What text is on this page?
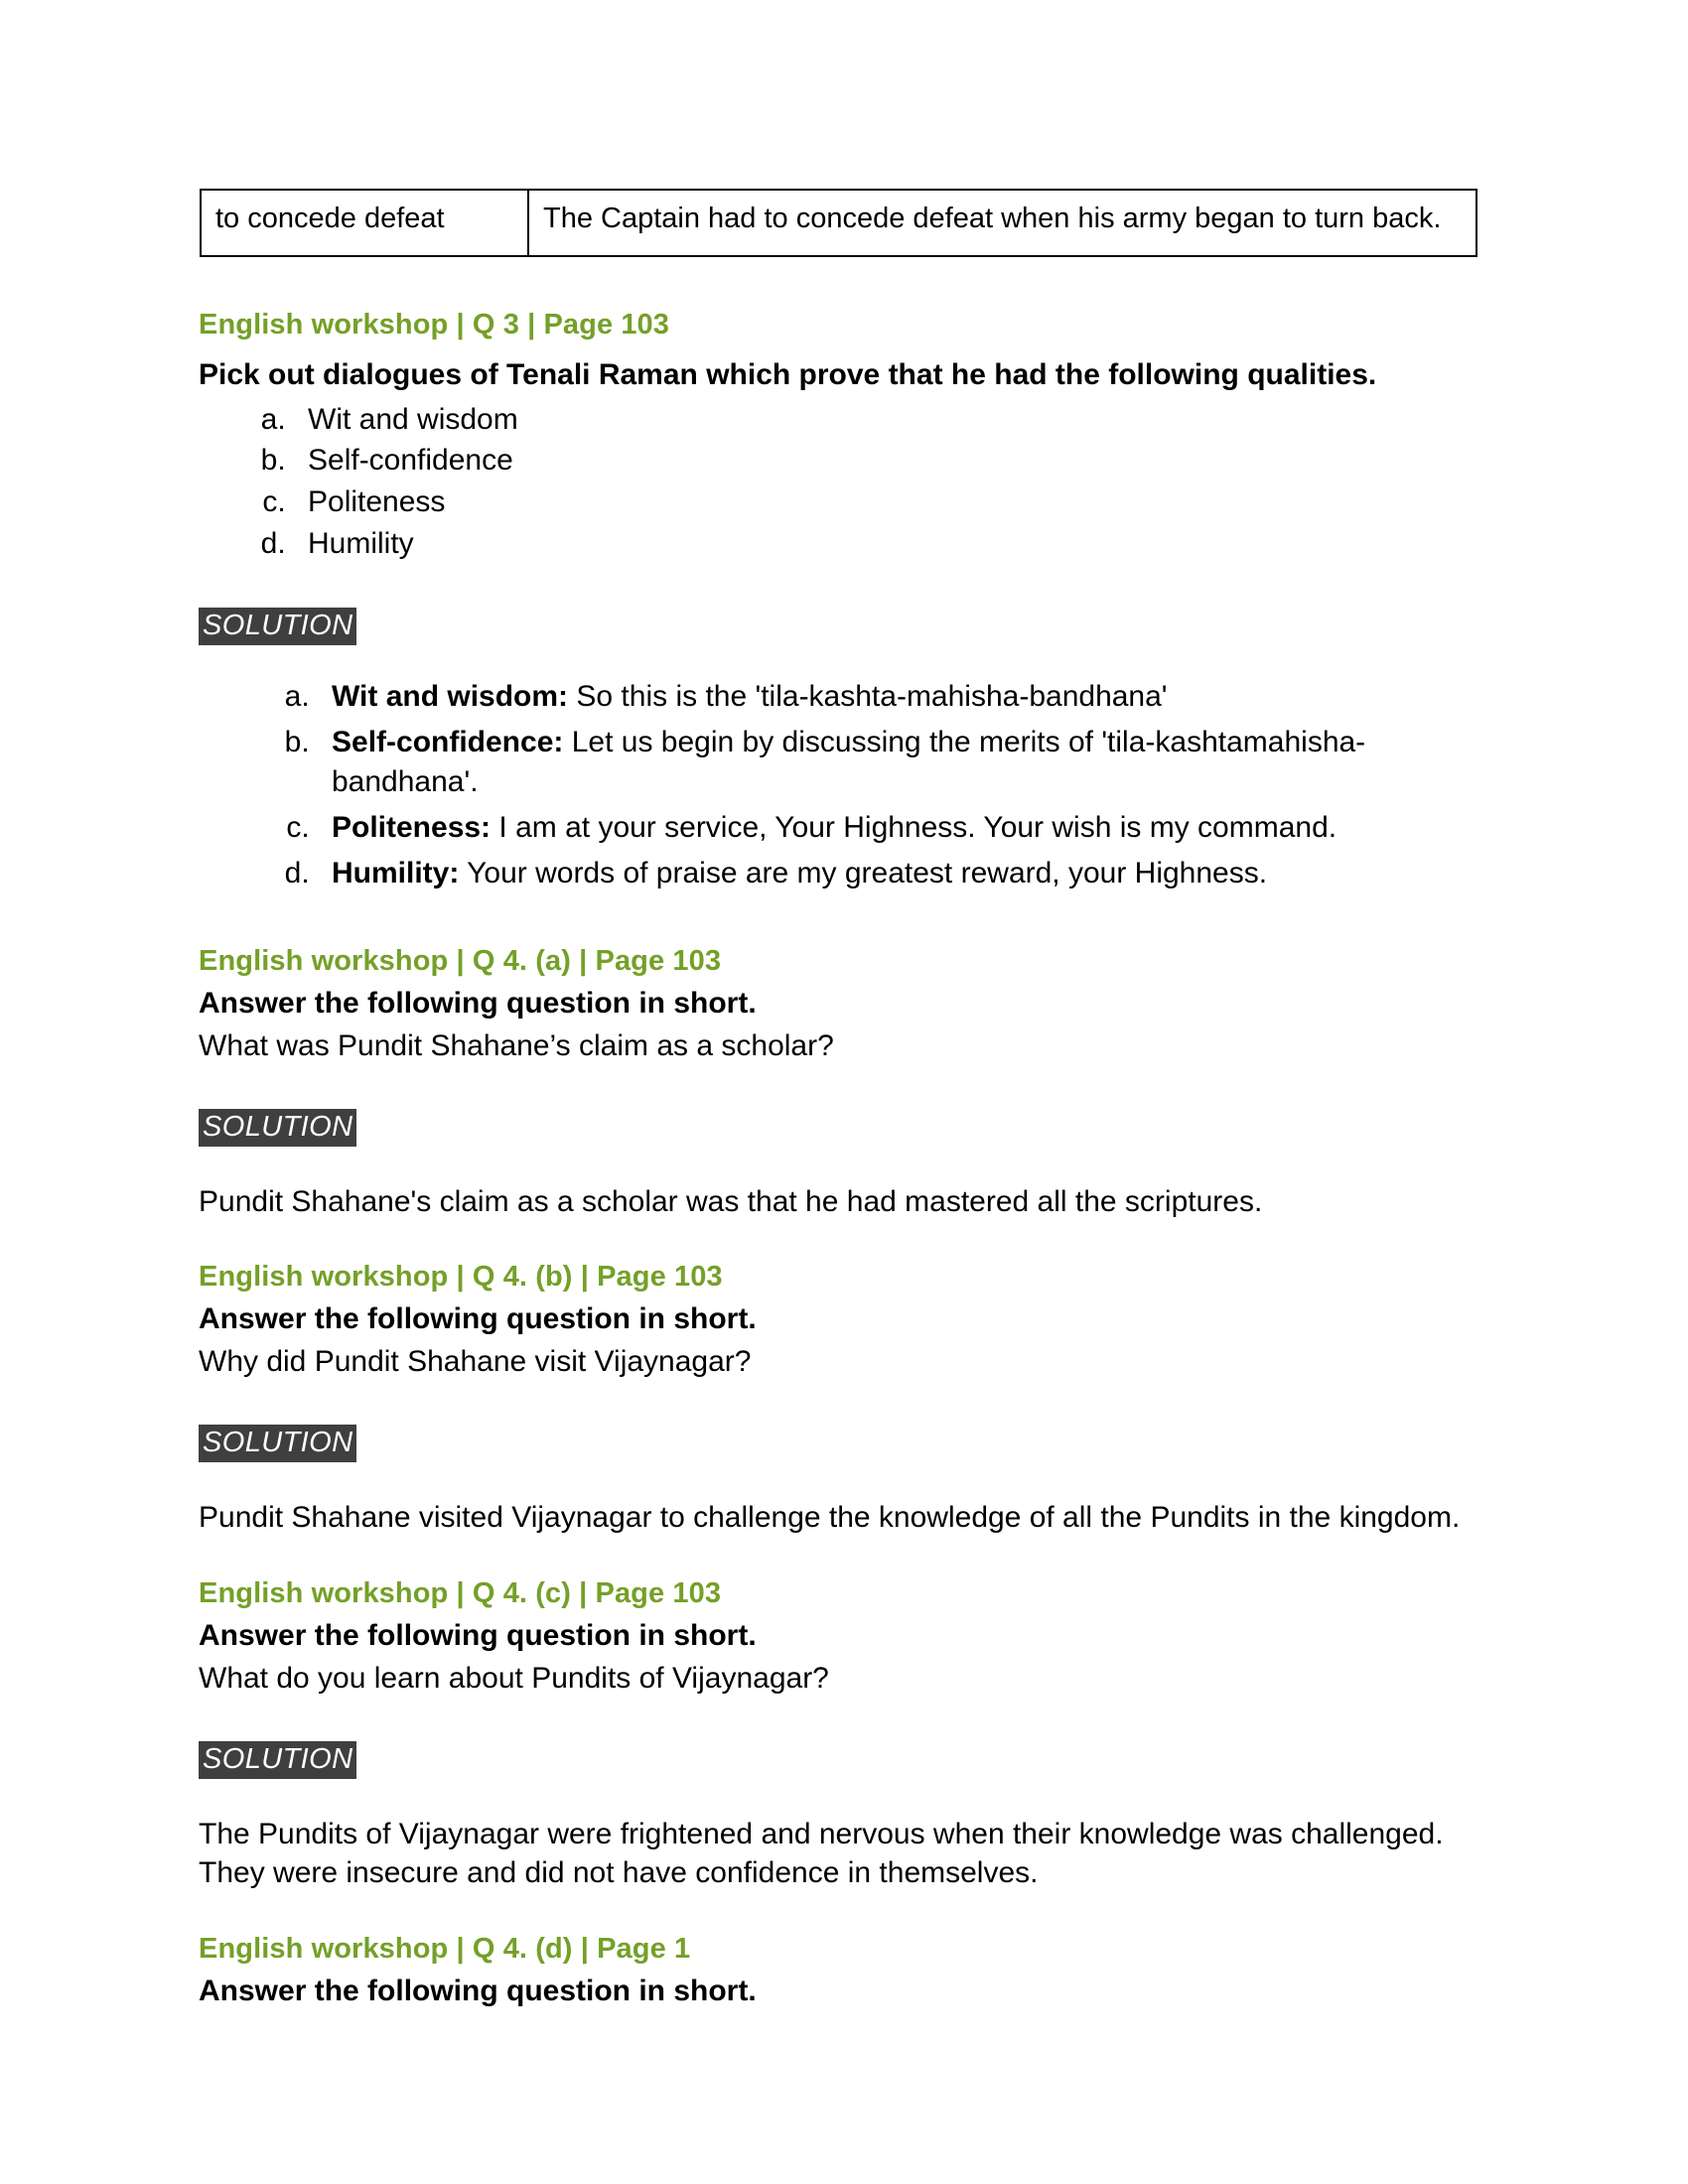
to concede defeat	The Captain had to concede defeat when his army began to turn back.
English workshop | Q 3 | Page 103
Pick out dialogues of Tenali Raman which prove that he had the following qualities.
a. Wit and wisdom
b. Self-confidence
c. Politeness
d. Humility
SOLUTION
a. Wit and wisdom: So this is the 'tila-kashta-mahisha-bandhana'
b. Self-confidence: Let us begin by discussing the merits of 'tila-kashtamahisha-bandhana'.
c. Politeness: I am at your service, Your Highness. Your wish is my command.
d. Humility: Your words of praise are my greatest reward, your Highness.
English workshop | Q 4. (a) | Page 103
Answer the following question in short.
What was Pundit Shahane’s claim as a scholar?
SOLUTION
Pundit Shahane's claim as a scholar was that he had mastered all the scriptures.
English workshop | Q 4. (b) | Page 103
Answer the following question in short.
Why did Pundit Shahane visit Vijaynagar?
SOLUTION
Pundit Shahane visited Vijaynagar to challenge the knowledge of all the Pundits in the kingdom.
English workshop | Q 4. (c) | Page 103
Answer the following question in short.
What do you learn about Pundits of Vijaynagar?
SOLUTION
The Pundits of Vijaynagar were frightened and nervous when their knowledge was challenged. They were insecure and did not have confidence in themselves.
English workshop | Q 4. (d) | Page 1
Answer the following question in short.
